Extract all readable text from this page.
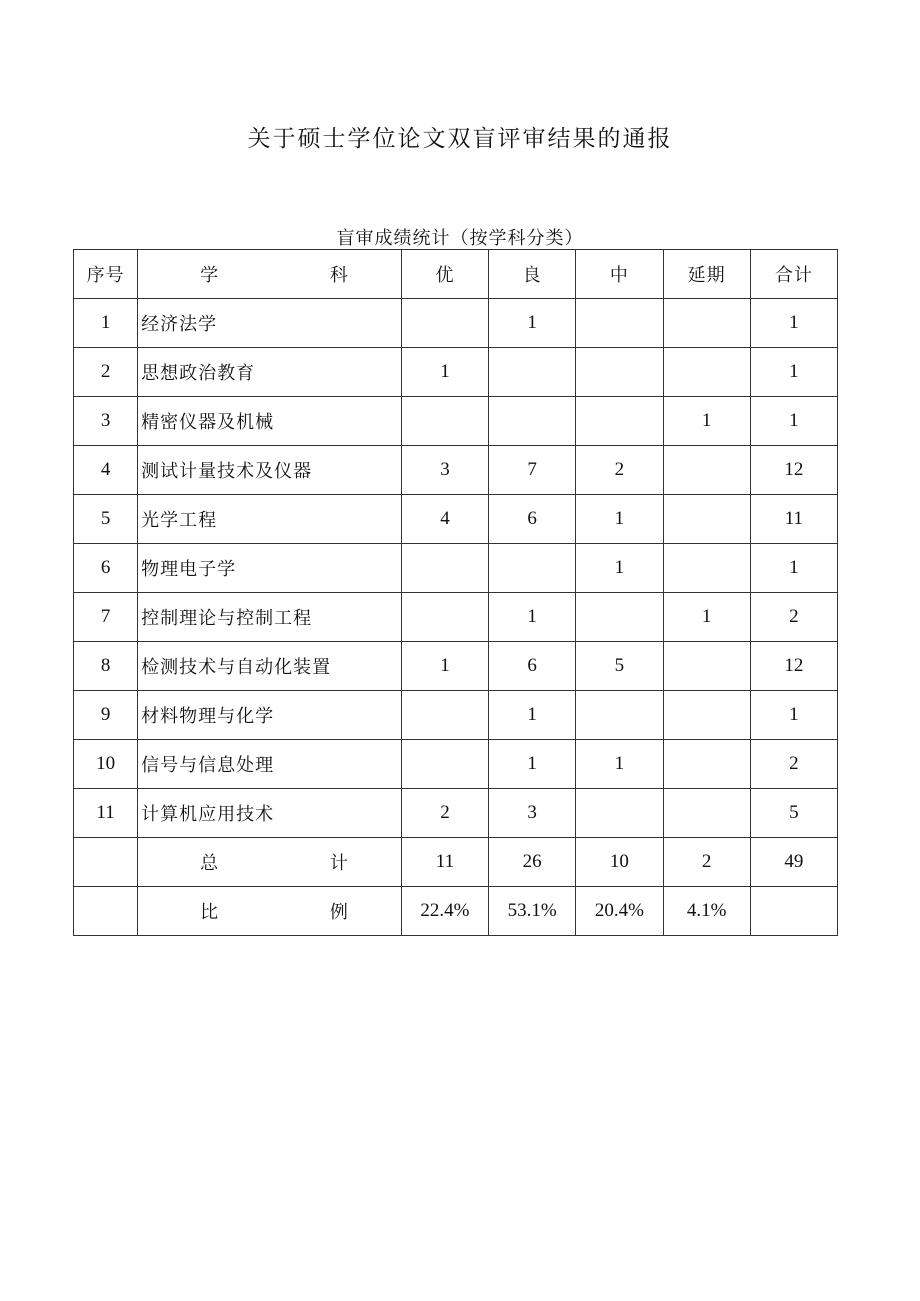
关于硕士学位论文双盲评审结果的通报
盲审成绩统计（按学科分类）
序号	学 科	优	良	中	延期	合计
1	经济法学		1			1
2	思想政治教育	1				1
3	精密仪器及机械				1	1
4	测试计量技术及仪器	3	7	2		12
5	光学工程	4	6	1		11
6	物理电子学			1		1
7	控制理论与控制工程		1		1	2
8	检测技术与自动化装置	1	6	5		12
9	材料物理与化学		1			1
10	信号与信息处理		1	1		2
11	计算机应用技术	2	3			5

	总 计	11	26	10	2	49

	比 例	22.4%	53.1%	20.4%	4.1%	
